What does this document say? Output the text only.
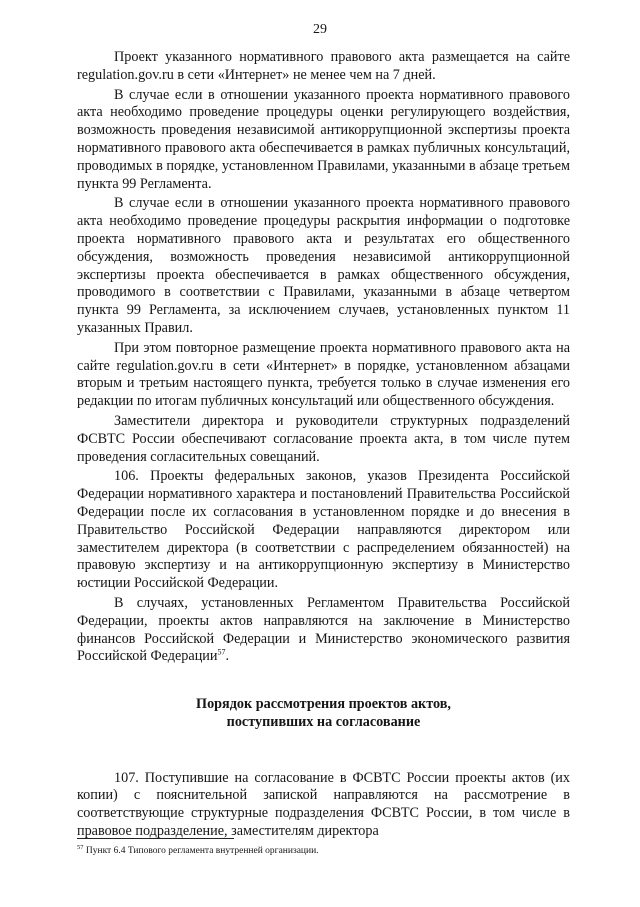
29

Проект указанного нормативного правового акта размещается на сайте regulation.gov.ru в сети «Интернет» не менее чем на 7 дней.

В случае если в отношении указанного проекта нормативного правового акта необходимо проведение процедуры оценки регулирующего воздействия, возможность проведения независимой антикоррупционной экспертизы проекта нормативного правового акта обеспечивается в рамках публичных консультаций, проводимых в порядке, установленном Правилами, указанными в абзаце третьем пункта 99 Регламента.

В случае если в отношении указанного проекта нормативного правового акта необходимо проведение процедуры раскрытия информации о подготовке проекта нормативного правового акта и результатах его общественного обсуждения, возможность проведения независимой антикоррупционной экспертизы проекта обеспечивается в рамках общественного обсуждения, проводимого в соответствии с Правилами, указанными в абзаце четвертом пункта 99 Регламента, за исключением случаев, установленных пунктом 11 указанных Правил.

При этом повторное размещение проекта нормативного правового акта на сайте regulation.gov.ru в сети «Интернет» в порядке, установленном абзацами вторым и третьим настоящего пункта, требуется только в случае изменения его редакции по итогам публичных консультаций или общественного обсуждения.

Заместители директора и руководители структурных подразделений ФСВТС России обеспечивают согласование проекта акта, в том числе путем проведения согласительных совещаний.

106. Проекты федеральных законов, указов Президента Российской Федерации нормативного характера и постановлений Правительства Российской Федерации после их согласования в установленном порядке и до внесения в Правительство Российской Федерации направляются директором или заместителем директора (в соответствии с распределением обязанностей) на правовую экспертизу и на антикоррупционную экспертизу в Министерство юстиции Российской Федерации.

В случаях, установленных Регламентом Правительства Российской Федерации, проекты актов направляются на заключение в Министерство финансов Российской Федерации и Министерство экономического развития Российской Федерации$^{57}$.

Порядок рассмотрения проектов актов,
поступивших на согласование

107. Поступившие на согласование в ФСВТС России проекты актов (их копии) с пояснительной запиской направляются на рассмотрение в соответствующие структурные подразделения ФСВТС России, в том числе в правовое подразделение, заместителям директора

$^{57}$ Пункт 6.4 Типового регламента внутренней организации.
